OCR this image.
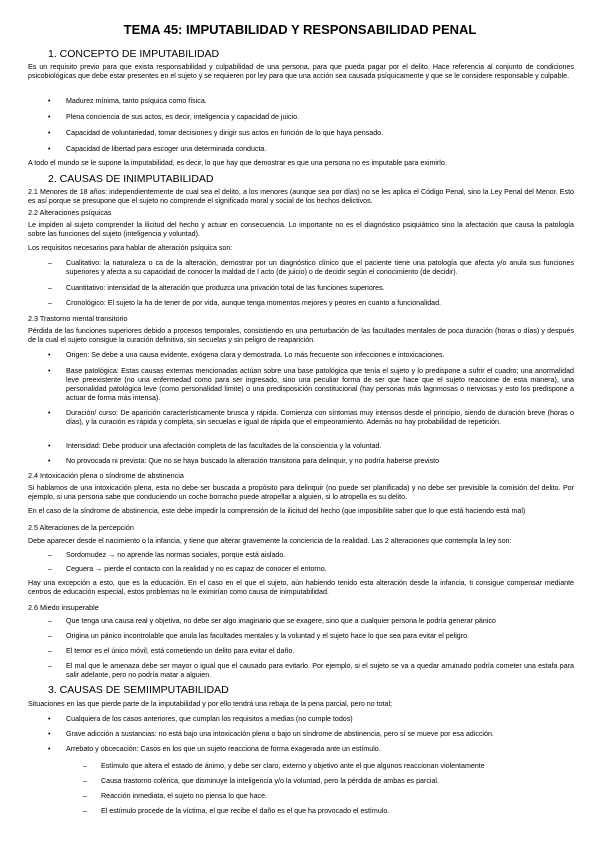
TEMA 45: IMPUTABILIDAD Y RESPONSABILIDAD PENAL

1. CONCEPTO DE IMPUTABILIDAD

Es un requisito previo para que exista responsabilidad y culpabilidad de una persona, para que pueda pagar por el delito. Hace referencia al conjunto de condiciones psicobiológicas que debe estar presentes en el sujeto y se requieren por ley para que una acción sea causada psíquicamente y que se le considere responsable y culpable.

•	Madurez mínima, tanto psíquica como física.

•	Plena conciencia de sus actos, es decir, inteligencia y capacidad de juicio.

•	Capacidad de voluntariedad, tomar decisiones y dirigir sus actos en función de lo que haya pensado.

•	Capacidad de libertad para escoger una determinada conducta.

A todo el mundo se le supone la imputabilidad, es decir, lo que hay que demostrar es que una persona no es imputable para eximirlo.

2. CAUSAS DE INIMPUTABILIDAD

2.1 Menores de 18 años: independientemente de cual sea el delito, a los menores (aunque sea por días) no se les aplica el Código Penal, sino la Ley Penal del Menor. Esto es así porque se presupone que el sujeto no comprende el significado moral y social de los hechos delictivos.

2.2 Alteraciones psíquicas

Le impiden al sujeto comprender la ilicitud del hecho y actuar en consecuencia. Lo importante no es el diagnóstico psiquiátrico sino la afectación que causa la patología sobre las funciones del sujeto (inteligencia y voluntad).

Los requisitos necesarios para hablar de alteración psíquica son:

–	Cualitativo: la naturaleza o ca de la alteración, demostrar por un diagnóstico clínico que el paciente tiene una patología que afecta y/o anula sus funciones superiores y afecta a su capacidad de conocer la maldad de l acto (de juicio) o de decidir según el conocimiento (de decidir).

–	Cuantitativo: intensidad de la alteración que produzca una privación total de las funciones superiores.

–	Cronológico: El sujeto la ha de tener de por vida, aunque tenga momentos mejores y peores en cuanto a funcionalidad.

2.3 Trastorno mental transitorio

Pérdida de las funciones superiores debido a procesos temporales, consistiendo en una perturbación de las facultades mentales de poca duración (horas o días) y después de la cual el sujeto consigue la curación definitiva, sin secuelas y sin peligro de reaparición.

•	Origen: Se debe a una causa evidente, exógena clara y demostrada. Lo más frecuente son infecciones e intoxicaciones.

•	Base patológica: Estas causas externas mencionadas actúan sobre una base patológica que tenía el sujeto y lo predispone a sufrir el cuadro; una anormalidad leve preexistente (no una enfermedad como para ser ingresado, sino una peculiar forma de ser que hace que el sujeto reaccione de esta manera), una personalidad patológica leve (como personalidad límite) o una predisposición constitucional (hay personas más lagrimosas o nerviosas y esto los predispone a actuar de forma más intensa).

•	Duración/ curso: De aparición característicamente brusca y rápida. Comienza con síntomas muy intensos desde el principio, siendo de duración breve (horas o días), y la curación es rápida y completa, sin secuelas e igual de rápida que el empeoramiento. Además no hay probabilidad de repetición.

•	Intensidad: Debe producir una afectación completa de las facultades de la consciencia y la voluntad.

•	No provocada ni prevista: Que no se haya buscado la alteración transitoria para delinquir, y no podría haberse previsto

2.4 Intoxicación plena o síndrome de abstinencia

Si hablamos de una intoxicación plena, esta no debe ser buscada a propósito para delinquir (no puede ser planificada) y no debe ser previsible la comisión del delito. Por ejemplo, si una persona sabe que conduciendo un coche borracho puede atropellar a alguien, si lo atropella es su delito.

En el caso de la síndrome de abstinencia, este debe impedir la comprensión de la ilicitud del hecho (que imposibilite saber que lo que está haciendo está mal)

2.5 Alteraciones de la percepción

Debe aparecer desde el nacimiento o la infancia, y tiene que alterar gravemente la conciencia de la realidad. Las 2 alteraciones que contempla la ley son:

–	Sordomudez → no aprende las normas sociales, porque está aislado.

–	Ceguera → pierde el contacto con la realidad y no es capaz de conocer el entorno.

Hay una excepción a esto, que es la educación. En el caso en el que el sujeto, aún habiendo tenido esta alteración desde la infancia, ti consigue compensar mediante centros de educación especial, estos problemas no le eximirían como causa de inimputabilidad.

2.6 Miedo insuperable

–	Que tenga una causa real y objetiva, no debe ser algo imaginario que se exagere, sino que a cualquier persona le podría generar pánico

–	Origina un pánico incontrolable que anula las facultades mentales y la voluntad y el sujeto hace lo que sea para evitar el peligro.

–	El temor es el único móvil, está cometiendo un delito para evitar el daño.

–	El mal que le amenaza debe ser mayor o igual que el causado para evitarlo. Por ejemplo, si el sujeto se va a quedar arruinado podría cometer una estafa para salir adelante, pero no podría matar a alguien.

3. CAUSAS DE SEMIIMPUTABILIDAD

Situaciones en las que pierde parte de la imputabilidad y por ello tendrá una rebaja de la pena parcial, pero no total;

•	Cualquiera de los casos anteriores, que cumplan los requisitos a medias (no cumple todos)

•	Grave adicción a sustancias: no está bajo una intoxicación plena o bajo un síndrome de abstinencia, pero sí se mueve por esa adicción.

•	Arrebato y obcecación: Casos en los que un sujeto reacciona de forma exagerada ante un estímulo.

– Estímulo que altera el estado de ánimo, y debe ser claro, externo y objetivo ante el que algunos reaccionan violentamente

– Causa trastorno colérica, que disminuye la inteligencia y/o la voluntad, pero la pérdida de ambas es parcial.

– Reacción inmediata, el sujeto no piensa lo que hace.

– El estímulo procede de la víctima, el que recibe el daño es el que ha provocado el estímulo.
